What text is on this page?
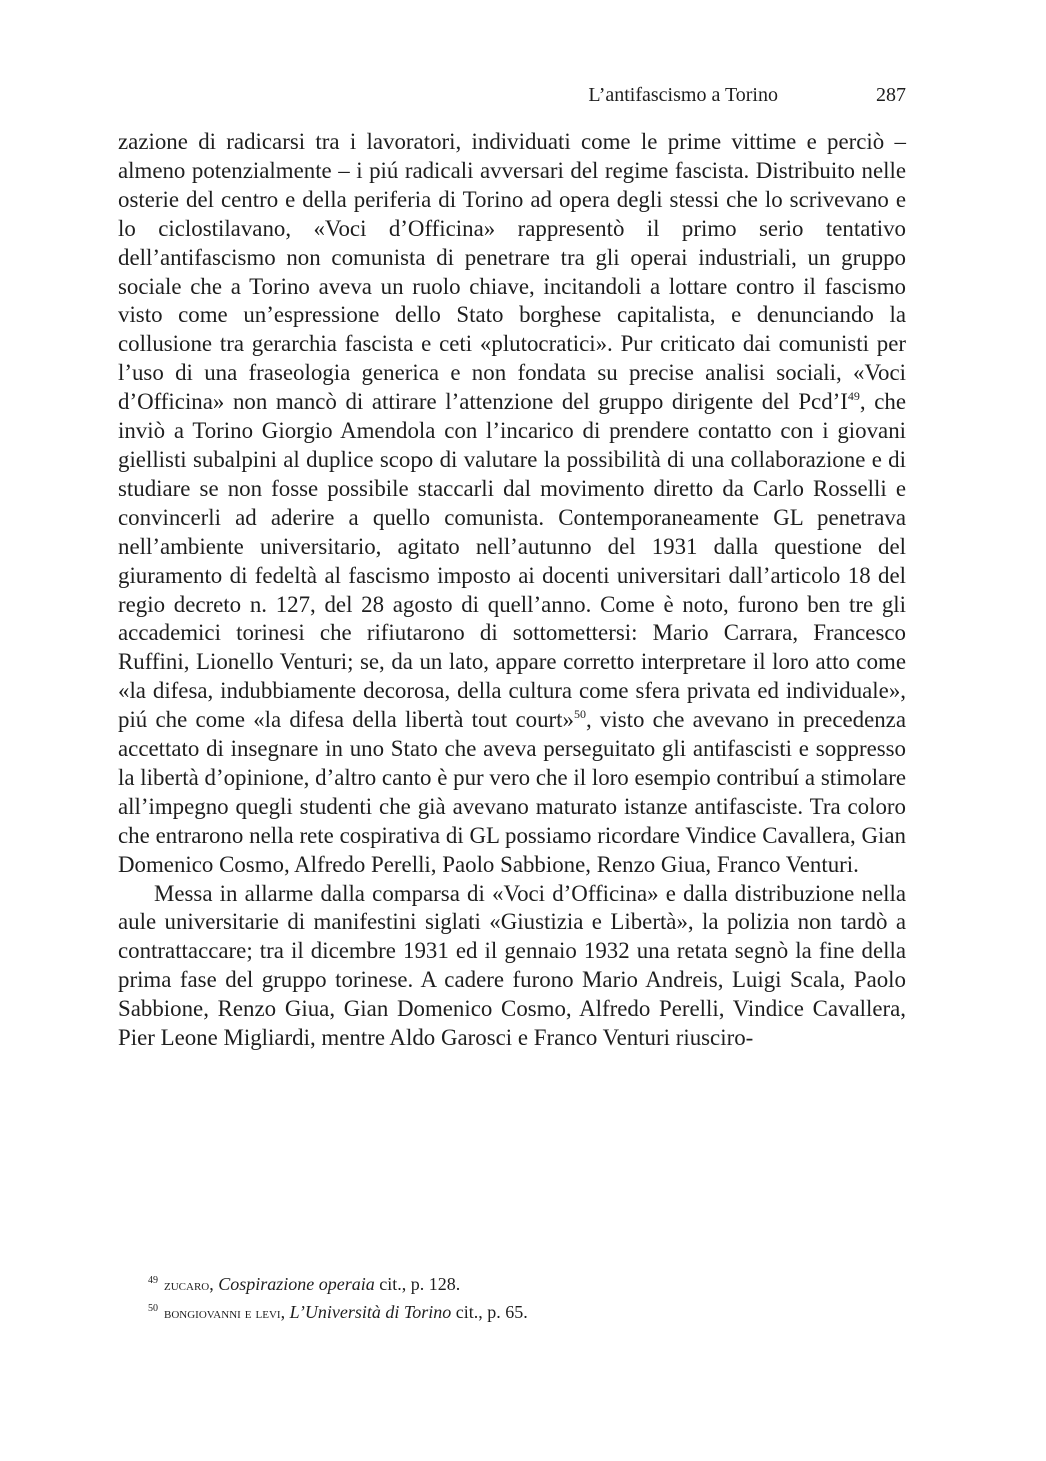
L’antifascismo a Torino	287

zazione di radicarsi tra i lavoratori, individuati come le prime vittime e perciò – almeno potenzialmente – i piú radicali avversari del regime fascista. Distribuito nelle osterie del centro e della periferia di Torino ad opera degli stessi che lo scrivevano e lo ciclostilavano, «Voci d’Officina» rappresentò il primo serio tentativo dell’antifascismo non comunista di penetrare tra gli operai industriali, un gruppo sociale che a Torino aveva un ruolo chiave, incitandoli a lottare contro il fascismo visto come un’espressione dello Stato borghese capitalista, e denunciando la collusione tra gerarchia fascista e ceti «plutocratici». Pur criticato dai comunisti per l’uso di una fraseologia generica e non fondata su precise analisi sociali, «Voci d’Officina» non mancò di attirare l’attenzione del gruppo dirigente del $Pcd’I^{49}$, che inviò a Torino Giorgio Amendola con l’incarico di prendere contatto con i giovani giellisti subalpini al duplice scopo di valutare la possibilità di una collaborazione e di studiare se non fosse possibile staccarli dal movimento diretto da Carlo Rosselli e convincerli ad aderire a quello comunista. Contemporaneamente GL penetrava nell’ambiente universitario, agitato nell’autunno del 1931 dalla questione del giuramento di fedeltà al fascismo imposto ai docenti universitari dall’articolo 18 del regio decreto n. 127, del 28 agosto di quell’anno. Come è noto, furono ben tre gli accademici torinesi che rifiutarono di sottomettersi: Mario Carrara, Francesco Ruffini, Lionello Venturi; se, da un lato, appare corretto interpretare il loro atto come «la difesa, indubbiamente decorosa, della cultura come sfera privata ed individuale», piú che come «la difesa della libertà tout court»$^{50}$, visto che avevano in precedenza accettato di insegnare in uno Stato che aveva perseguitato gli antifascisti e soppresso la libertà d’opinione, d’altro canto è pur vero che il loro esempio contribuí a stimolare all’impegno quegli studenti che già avevano maturato istanze antifasciste. Tra coloro che entrarono nella rete cospirativa di GL possiamo ricordare Vindice Cavallera, Gian Domenico Cosmo, Alfredo Perelli, Paolo Sabbione, Renzo Giua, Franco Venturi.

Messa in allarme dalla comparsa di «Voci d’Officina» e dalla distribuzione nella aule universitarie di manifestini siglati «Giustizia e Libertà», la polizia non tardò a contrattaccare; tra il dicembre 1931 ed il gennaio 1932 una retata segnò la fine della prima fase del gruppo torinese. A cadere furono Mario Andreis, Luigi Scala, Paolo Sabbione, Renzo Giua, Gian Domenico Cosmo, Alfredo Perelli, Vindice Cavallera, Pier Leone Migliardi, mentre Aldo Garosci e Franco Venturi riusciro-

$^{49}$ zucaro, Cospirazione operaia cit., p. 128.
$^{50}$ bongiovanni e levi, L’Università di Torino cit., p. 65.
